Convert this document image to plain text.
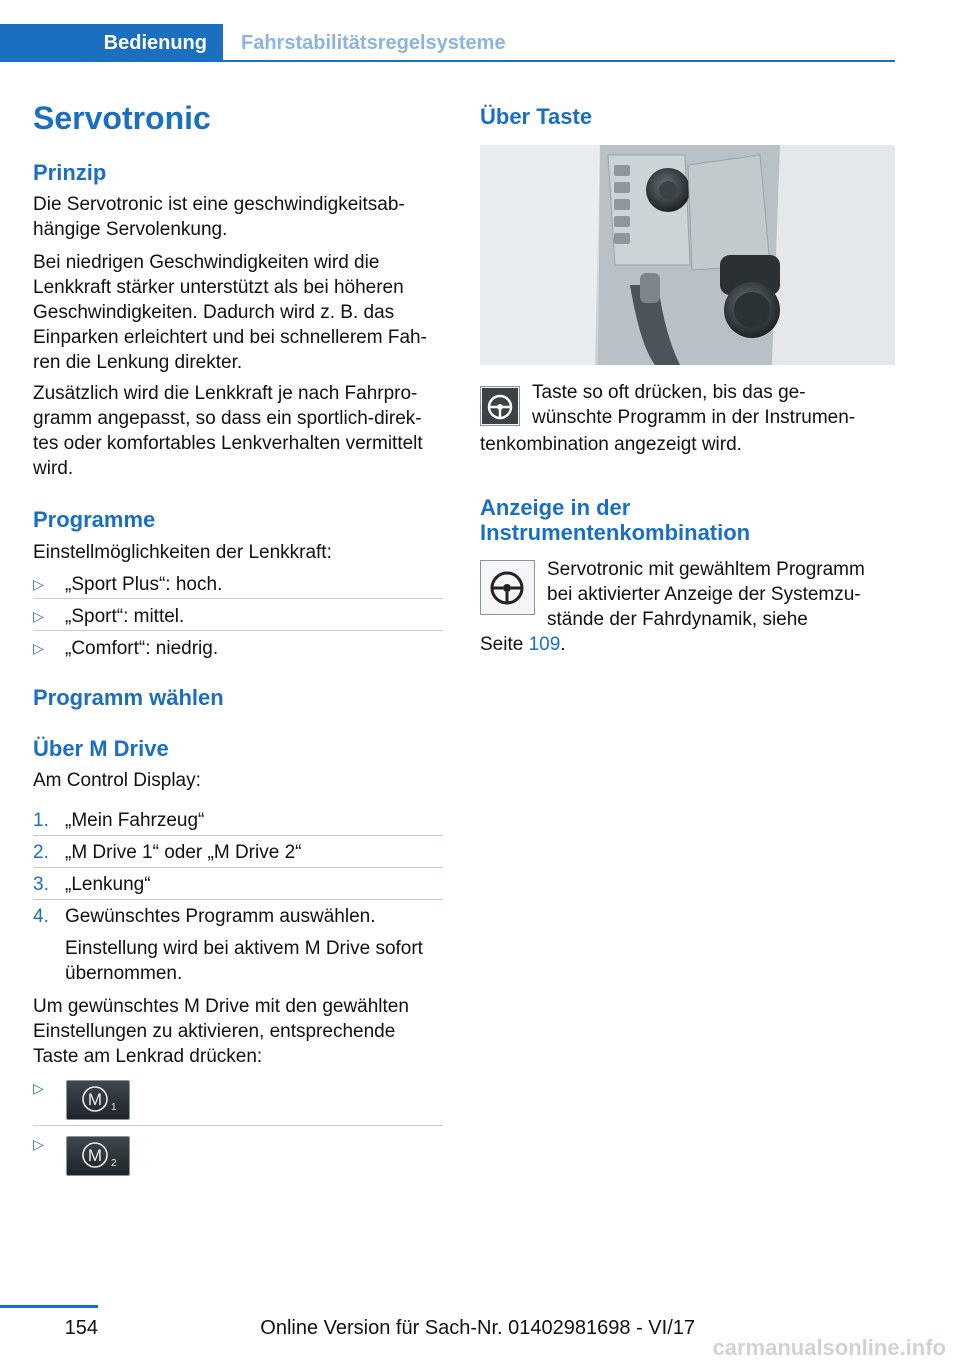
Bedienung	Fahrstabilitätsregelsysteme
Servotronic
Prinzip
Die Servotronic ist eine geschwindigkeitsab‐
hängige Servolenkung.
Bei niedrigen Geschwindigkeiten wird die
Lenkkraft stärker unterstützt als bei höheren
Geschwindigkeiten. Dadurch wird z. B. das
Einparken erleichtert und bei schnellerem Fah‐
ren die Lenkung direkter.
Zusätzlich wird die Lenkkraft je nach Fahrpro‐
gramm angepasst, so dass ein sportlich-direk‐
tes oder komfortables Lenkverhalten vermittelt
wird.
Programme
Einstellmöglichkeiten der Lenkkraft:
▷ „Sport Plus“: hoch.
▷ „Sport“: mittel.
▷ „Comfort“: niedrig.
Programm wählen
Über M Drive
Am Control Display:
1. „Mein Fahrzeug“
2. „M Drive 1“ oder „M Drive 2“
3. „Lenkung“
4. Gewünschtes Programm auswählen.
Einstellung wird bei aktivem M Drive sofort
übernommen.
Um gewünschtes M Drive mit den gewählten
Einstellungen zu aktivieren, entsprechende
Taste am Lenkrad drücken:
▷
M 1
▷
M 2
Über Taste
Taste so oft drücken, bis das ge‐
wünschte Programm in der Instrumen‐
tenkombination angezeigt wird.
Anzeige in der
Instrumentenkombination
Servotronic mit gewähltem Programm
bei aktivierter Anzeige der Systemzu‐
stände der Fahrdynamik, siehe
Seite 109.
154	Online Version für Sach-Nr. 01402981698 - VI/17
carmanualsonline.info
